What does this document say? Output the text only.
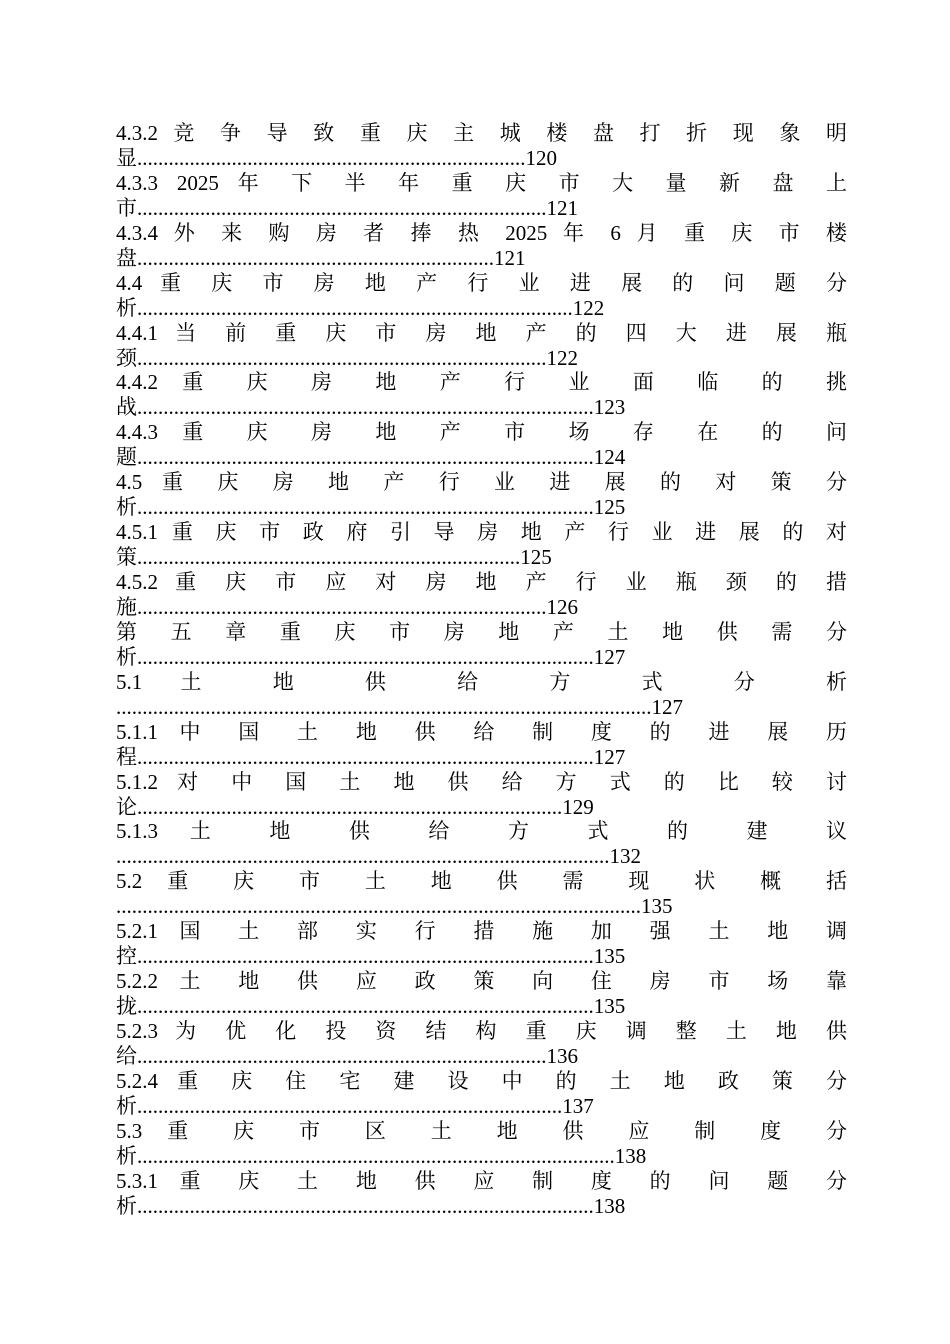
4.3.2 竞 争 导 致 重 庆 主 城 楼 盘 打 折 现 象 明
显..........................................................................120
4.3.3 2025 年 下 半 年 重 庆 市 大 量 新 盘 上
市..............................................................................121
4.3.4 外 来 购 房 者 捧 热 2025 年 6 月 重 庆 市 楼
盘....................................................................121
4.4 重 庆 市 房 地 产 行 业 进 展 的 问 题 分
析...................................................................................122
4.4.1 当 前 重 庆 市 房 地 产 的 四 大 进 展 瓶
颈..............................................................................122
4.4.2 重 庆 房 地 产 行 业 面 临 的 挑
战.......................................................................................123
4.4.3 重 庆 房 地 产 市 场 存 在 的 问
题.......................................................................................124
4.5 重 庆 房 地 产 行 业 进 展 的 对 策 分
析.......................................................................................125
4.5.1 重 庆 市 政 府 引 导 房 地 产 行 业 进 展 的 对
策.........................................................................125
4.5.2 重 庆 市 应 对 房 地 产 行 业 瓶 颈 的 措
施..............................................................................126
第 五 章 重 庆 市 房 地 产 土 地 供 需 分
析.......................................................................................127
5.1 土 地 供 给 方 式 分 析
......................................................................................................127
5.1.1 中 国 土 地 供 给 制 度 的 进 展 历
程.......................................................................................127
5.1.2 对 中 国 土 地 供 给 方 式 的 比 较 讨
论.................................................................................129
5.1.3 土 地 供 给 方 式 的 建 议
..............................................................................................132
5.2 重 庆 市 土 地 供 需 现 状 概 括
....................................................................................................135
5.2.1 国 土 部 实 行 措 施 加 强 土 地 调
控.......................................................................................135
5.2.2 土 地 供 应 政 策 向 住 房 市 场 靠
拢.......................................................................................135
5.2.3 为 优 化 投 资 结 构 重 庆 调 整 土 地 供
给..............................................................................136
5.2.4 重 庆 住 宅 建 设 中 的 土 地 政 策 分
析.................................................................................137
5.3 重 庆 市 区 土 地 供 应 制 度 分
析...........................................................................................138
5.3.1 重 庆 土 地 供 应 制 度 的 问 题 分
析.......................................................................................138
